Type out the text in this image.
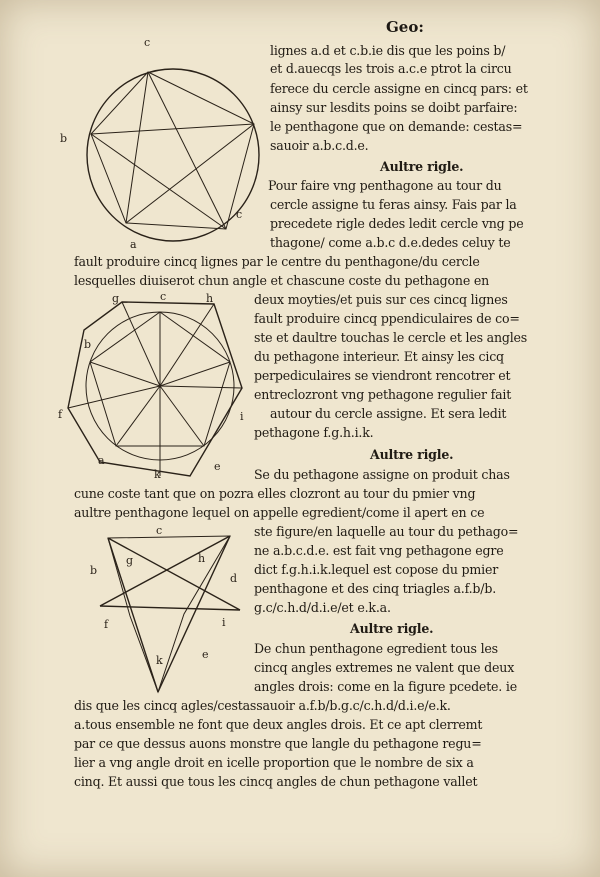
Geo:
c
b
c
a
g	c	h
b
f	i
a
k
e
c
g	h
b
d
f	i
k	e
lignes a.d et c.b.ie dis que les poins b/
et d.auecqs les trois a.c.e ptrot la circu
ferece du cercle assigne en cincq pars: et
ainsy sur lesdits poins se doibt parfaire:
le penthagone que on demande: cestas=
sauoir a.b.c.d.e.
Aultre rigle.
Pour faire vng penthagone au tour du
cercle assigne tu feras ainsy. Fais par la
precedete rigle dedes ledit cercle vng pe
thagone/ come a.b.c d.e.dedes celuy te
fault produire cincq lignes par le centre du penthagone/du cercle
lesquelles diuiserot chun angle et chascune coste du pethagone en
deux moyties/et puis sur ces cincq lignes
fault produire cincq ppendiculaires de co=
ste et daultre touchas le cercle et les angles
du pethagone interieur. Et ainsy les cicq
perpediculaires se viendront rencotrer et
entreclozront vng pethagone regulier fait
autour du cercle assigne. Et sera ledit
pethagone f.g.h.i.k.
Aultre rigle.
Se du pethagone assigne on produit chas
cune coste tant que on pozra elles clozront au tour du pmier vng
aultre penthagone lequel on appelle egredient/come il apert en ce
ste figure/en laquelle au tour du pethago=
ne a.b.c.d.e. est fait vng pethagone egre
dict f.g.h.i.k.lequel est copose du pmier
penthagone et des cinq triagles a.f.b/b.
g.c/c.h.d/d.i.e/et e.k.a.
Aultre rigle.
De chun penthagone egredient tous les
cincq angles extremes ne valent que deux
angles drois: come en la figure pcedete. ie
dis que les cincq agles/cestassauoir a.f.b/b.g.c/c.h.d/d.i.e/e.k.
a.tous ensemble ne font que deux angles drois. Et ce apt clerremt
par ce que dessus auons monstre que langle du pethagone regu=
lier a vng angle droit en icelle proportion que le nombre de six a
cinq. Et aussi que tous les cincq angles de chun pethagone vallet
